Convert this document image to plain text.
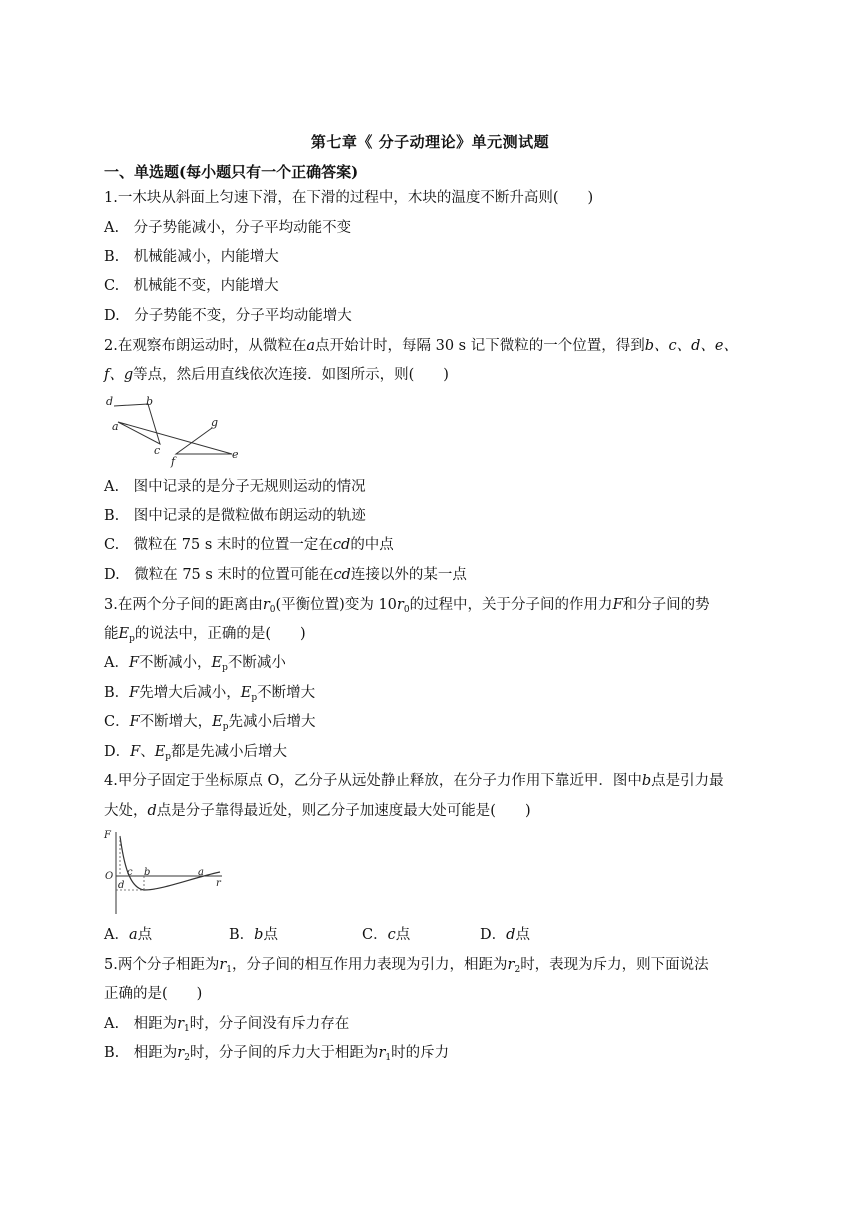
第七章《 分子动理论》单元测试题
一、单选题(每小题只有一个正确答案)
1.一木块从斜面上匀速下滑，在下滑的过程中，木块的温度不断升高则(　　)
A.　分子势能减小，分子平均动能不变
B.　机械能减小，内能增大
C.　机械能不变，内能增大
D.　分子势能不变，分子平均动能增大
2.在观察布朗运动时，从微粒在a点开始计时，每隔 30 s 记下微粒的一个位置，得到b、c、d、e、
f、g等点，然后用直线依次连接．如图所示，则(　　)
d	b
a
c
g
f
e
A.　图中记录的是分子无规则运动的情况
B.　图中记录的是微粒做布朗运动的轨迹
C.　微粒在 75 s 末时的位置一定在cd的中点
D.　微粒在 75 s 末时的位置可能在cd连接以外的某一点
3.在两个分子间的距离由$r_0$(平衡位置)变为 $10r_0$的过程中，关于分子间的作用力F和分子间的势
能$E_p$的说法中，正确的是(　　)
A．F不断减小，$E_p$不断减小
B．F先增大后减小，$E_p$不断增大
C．F不断增大，$E_p$先减小后增大
D．F、$E_p$都是先减小后增大
4.甲分子固定于坐标原点 O，乙分子从远处静止释放，在分子力作用下靠近甲．图中b点是引力最
大处，d点是分子靠得最近处，则乙分子加速度最大处可能是(　　)
F
O c b	a
d	r
A．a点	B．b点	C．c点	D．d点
5.两个分子相距为$r_1$，分子间的相互作用力表现为引力，相距为$r_2$时，表现为斥力，则下面说法
正确的是(　　)
A.　相距为$r_1$时，分子间没有斥力存在
B.　相距为$r_2$时，分子间的斥力大于相距为$r_1$时的斥力
